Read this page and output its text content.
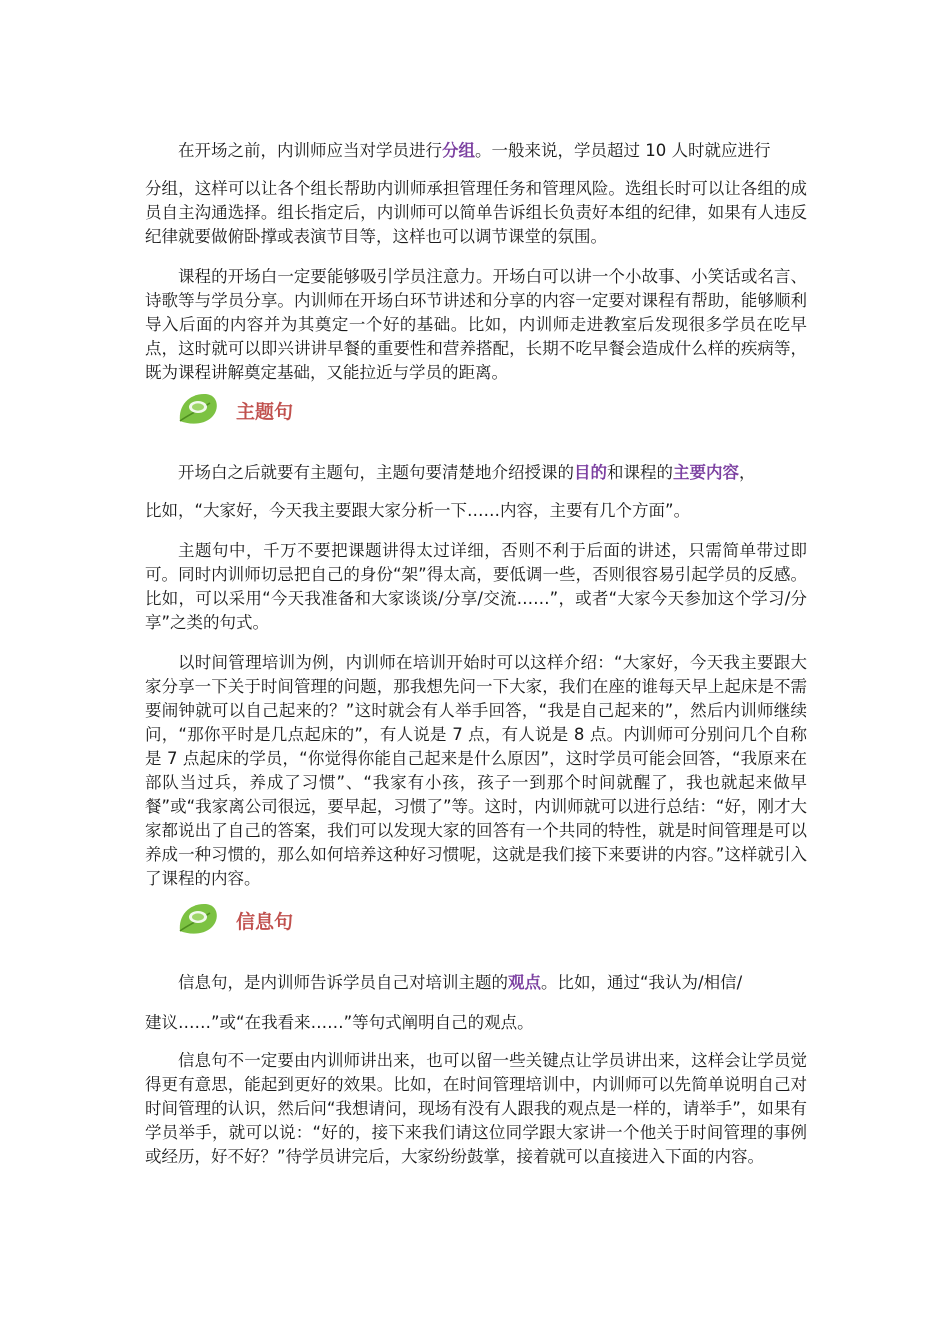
在开场之前，内训师应当对学员进行分组。一般来说，学员超过 10 人时就应进行

分组，这样可以让各个组长帮助内训师承担管理任务和管理风险。选组长时可以让各组的成员自主沟通选择。组长指定后，内训师可以简单告诉组长负责好本组的纪律，如果有人违反纪律就要做俯卧撑或表演节目等，这样也可以调节课堂的氛围。

课程的开场白一定要能够吸引学员注意力。开场白可以讲一个小故事、小笑话或名言、诗歌等与学员分享。内训师在开场白环节讲述和分享的内容一定要对课程有帮助，能够顺利导入后面的内容并为其奠定一个好的基础。比如，内训师走进教室后发现很多学员在吃早点，这时就可以即兴讲讲早餐的重要性和营养搭配，长期不吃早餐会造成什么样的疾病等，既为课程讲解奠定基础，又能拉近与学员的距离。

主题句

开场白之后就要有主题句，主题句要清楚地介绍授课的目的和课程的主要内容，

比如，“大家好，今天我主要跟大家分析一下……内容，主要有几个方面”。

主题句中，千万不要把课题讲得太过详细，否则不利于后面的讲述，只需简单带过即可。同时内训师切忌把自己的身份“架”得太高，要低调一些，否则很容易引起学员的反感。比如，可以采用“今天我准备和大家谈谈/分享/交流……”，或者“大家今天参加这个学习/分享”之类的句式。

以时间管理培训为例，内训师在培训开始时可以这样介绍：“大家好，今天我主要跟大家分享一下关于时间管理的问题，那我想先问一下大家，我们在座的谁每天早上起床是不需要闹钟就可以自己起来的？”这时就会有人举手回答，“我是自己起来的”，然后内训师继续问，“那你平时是几点起床的”，有人说是 7 点，有人说是 8 点。内训师可分别问几个自称是 7 点起床的学员，“你觉得你能自己起来是什么原因”，这时学员可能会回答，“我原来在部队当过兵，养成了习惯”、“我家有小孩，孩子一到那个时间就醒了，我也就起来做早餐”或“我家离公司很远，要早起，习惯了”等。这时，内训师就可以进行总结：“好，刚才大家都说出了自己的答案，我们可以发现大家的回答有一个共同的特性，就是时间管理是可以养成一种习惯的，那么如何培养这种好习惯呢，这就是我们接下来要讲的内容。”这样就引入了课程的内容。

信息句

信息句，是内训师告诉学员自己对培训主题的观点。比如，通过“我认为/相信/

建议……”或“在我看来……”等句式阐明自己的观点。

信息句不一定要由内训师讲出来，也可以留一些关键点让学员讲出来，这样会让学员觉得更有意思，能起到更好的效果。比如，在时间管理培训中，内训师可以先简单说明自己对时间管理的认识，然后问“我想请问，现场有没有人跟我的观点是一样的，请举手”，如果有学员举手，就可以说：“好的，接下来我们请这位同学跟大家讲一个他关于时间管理的事例或经历，好不好？”待学员讲完后，大家纷纷鼓掌，接着就可以直接进入下面的内容。
